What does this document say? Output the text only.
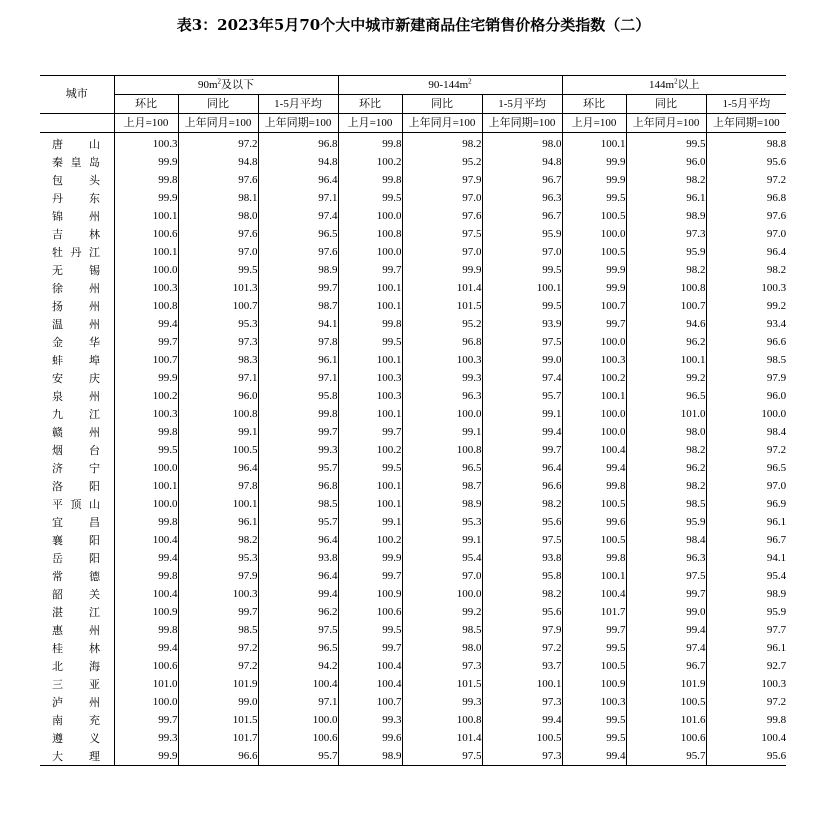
表3：2023年5月70个大中城市新建商品住宅销售价格分类指数（二）
城市	$90m^2$及以下			$90-144m^2$			$144m^2$以上		
	环比	同比	1-5月平均	环比	同比	1-5月平均	环比	同比	1-5月平均
	上月=100	上年同月=100	上年同期=100	上月=100	上年同月=100	上年同期=100	上月=100	上年同月=100	上年同期=100
唐山	100.3	97.2	96.8	99.8	98.2	98.0	100.1	99.5	98.8
秦皇岛	99.9	94.8	94.8	100.2	95.2	94.8	99.9	96.0	95.6
包头	99.8	97.6	96.4	99.8	97.9	96.7	99.9	98.2	97.2
丹东	99.9	98.1	97.1	99.5	97.0	96.3	99.5	96.1	96.8
锦州	100.1	98.0	97.4	100.0	97.6	96.7	100.5	98.9	97.6
吉林	100.6	97.6	96.5	100.8	97.5	95.9	100.0	97.3	97.0
牡丹江	100.1	97.0	97.6	100.0	97.0	97.0	100.5	95.9	96.4
无锡	100.0	99.5	98.9	99.7	99.9	99.5	99.9	98.2	98.2
徐州	100.3	101.3	99.7	100.1	101.4	100.1	99.9	100.8	100.3
扬州	100.8	100.7	98.7	100.1	101.5	99.5	100.7	100.7	99.2
温州	99.4	95.3	94.1	99.8	95.2	93.9	99.7	94.6	93.4
金华	99.7	97.3	97.8	99.5	96.8	97.5	100.0	96.2	96.6
蚌埠	100.7	98.3	96.1	100.1	100.3	99.0	100.3	100.1	98.5
安庆	99.9	97.1	97.1	100.3	99.3	97.4	100.2	99.2	97.9
泉州	100.2	96.0	95.8	100.3	96.3	95.7	100.1	96.5	96.0
九江	100.3	100.8	99.8	100.1	100.0	99.1	100.0	101.0	100.0
赣州	99.8	99.1	99.7	99.7	99.1	99.4	100.0	98.0	98.4
烟台	99.5	100.5	99.3	100.2	100.8	99.7	100.4	98.2	97.2
济宁	100.0	96.4	95.7	99.5	96.5	96.4	99.4	96.2	96.5
洛阳	100.1	97.8	96.8	100.1	98.7	96.6	99.8	98.2	97.0
平顶山	100.0	100.1	98.5	100.1	98.9	98.2	100.5	98.5	96.9
宜昌	99.8	96.1	95.7	99.1	95.3	95.6	99.6	95.9	96.1
襄阳	100.4	98.2	96.4	100.2	99.1	97.5	100.5	98.4	96.7
岳阳	99.4	95.3	93.8	99.9	95.4	93.8	99.8	96.3	94.1
常德	99.8	97.9	96.4	99.7	97.0	95.8	100.1	97.5	95.4
韶关	100.4	100.3	99.4	100.9	100.0	98.2	100.4	99.7	98.9
湛江	100.9	99.7	96.2	100.6	99.2	95.6	101.7	99.0	95.9
惠州	99.8	98.5	97.5	99.5	98.5	97.9	99.7	99.4	97.7
桂林	99.4	97.2	96.5	99.7	98.0	97.2	99.5	97.4	96.1
北海	100.6	97.2	94.2	100.4	97.3	93.7	100.5	96.7	92.7
三亚	101.0	101.9	100.4	100.4	101.5	100.1	100.9	101.9	100.3
泸州	100.0	99.0	97.1	100.7	99.3	97.3	100.3	100.5	97.2
南充	99.7	101.5	100.0	99.3	100.8	99.4	99.5	101.6	99.8
遵义	99.3	101.7	100.6	99.6	101.4	100.5	99.5	100.6	100.4
大理	99.9	96.6	95.7	98.9	97.5	97.3	99.4	95.7	95.6
